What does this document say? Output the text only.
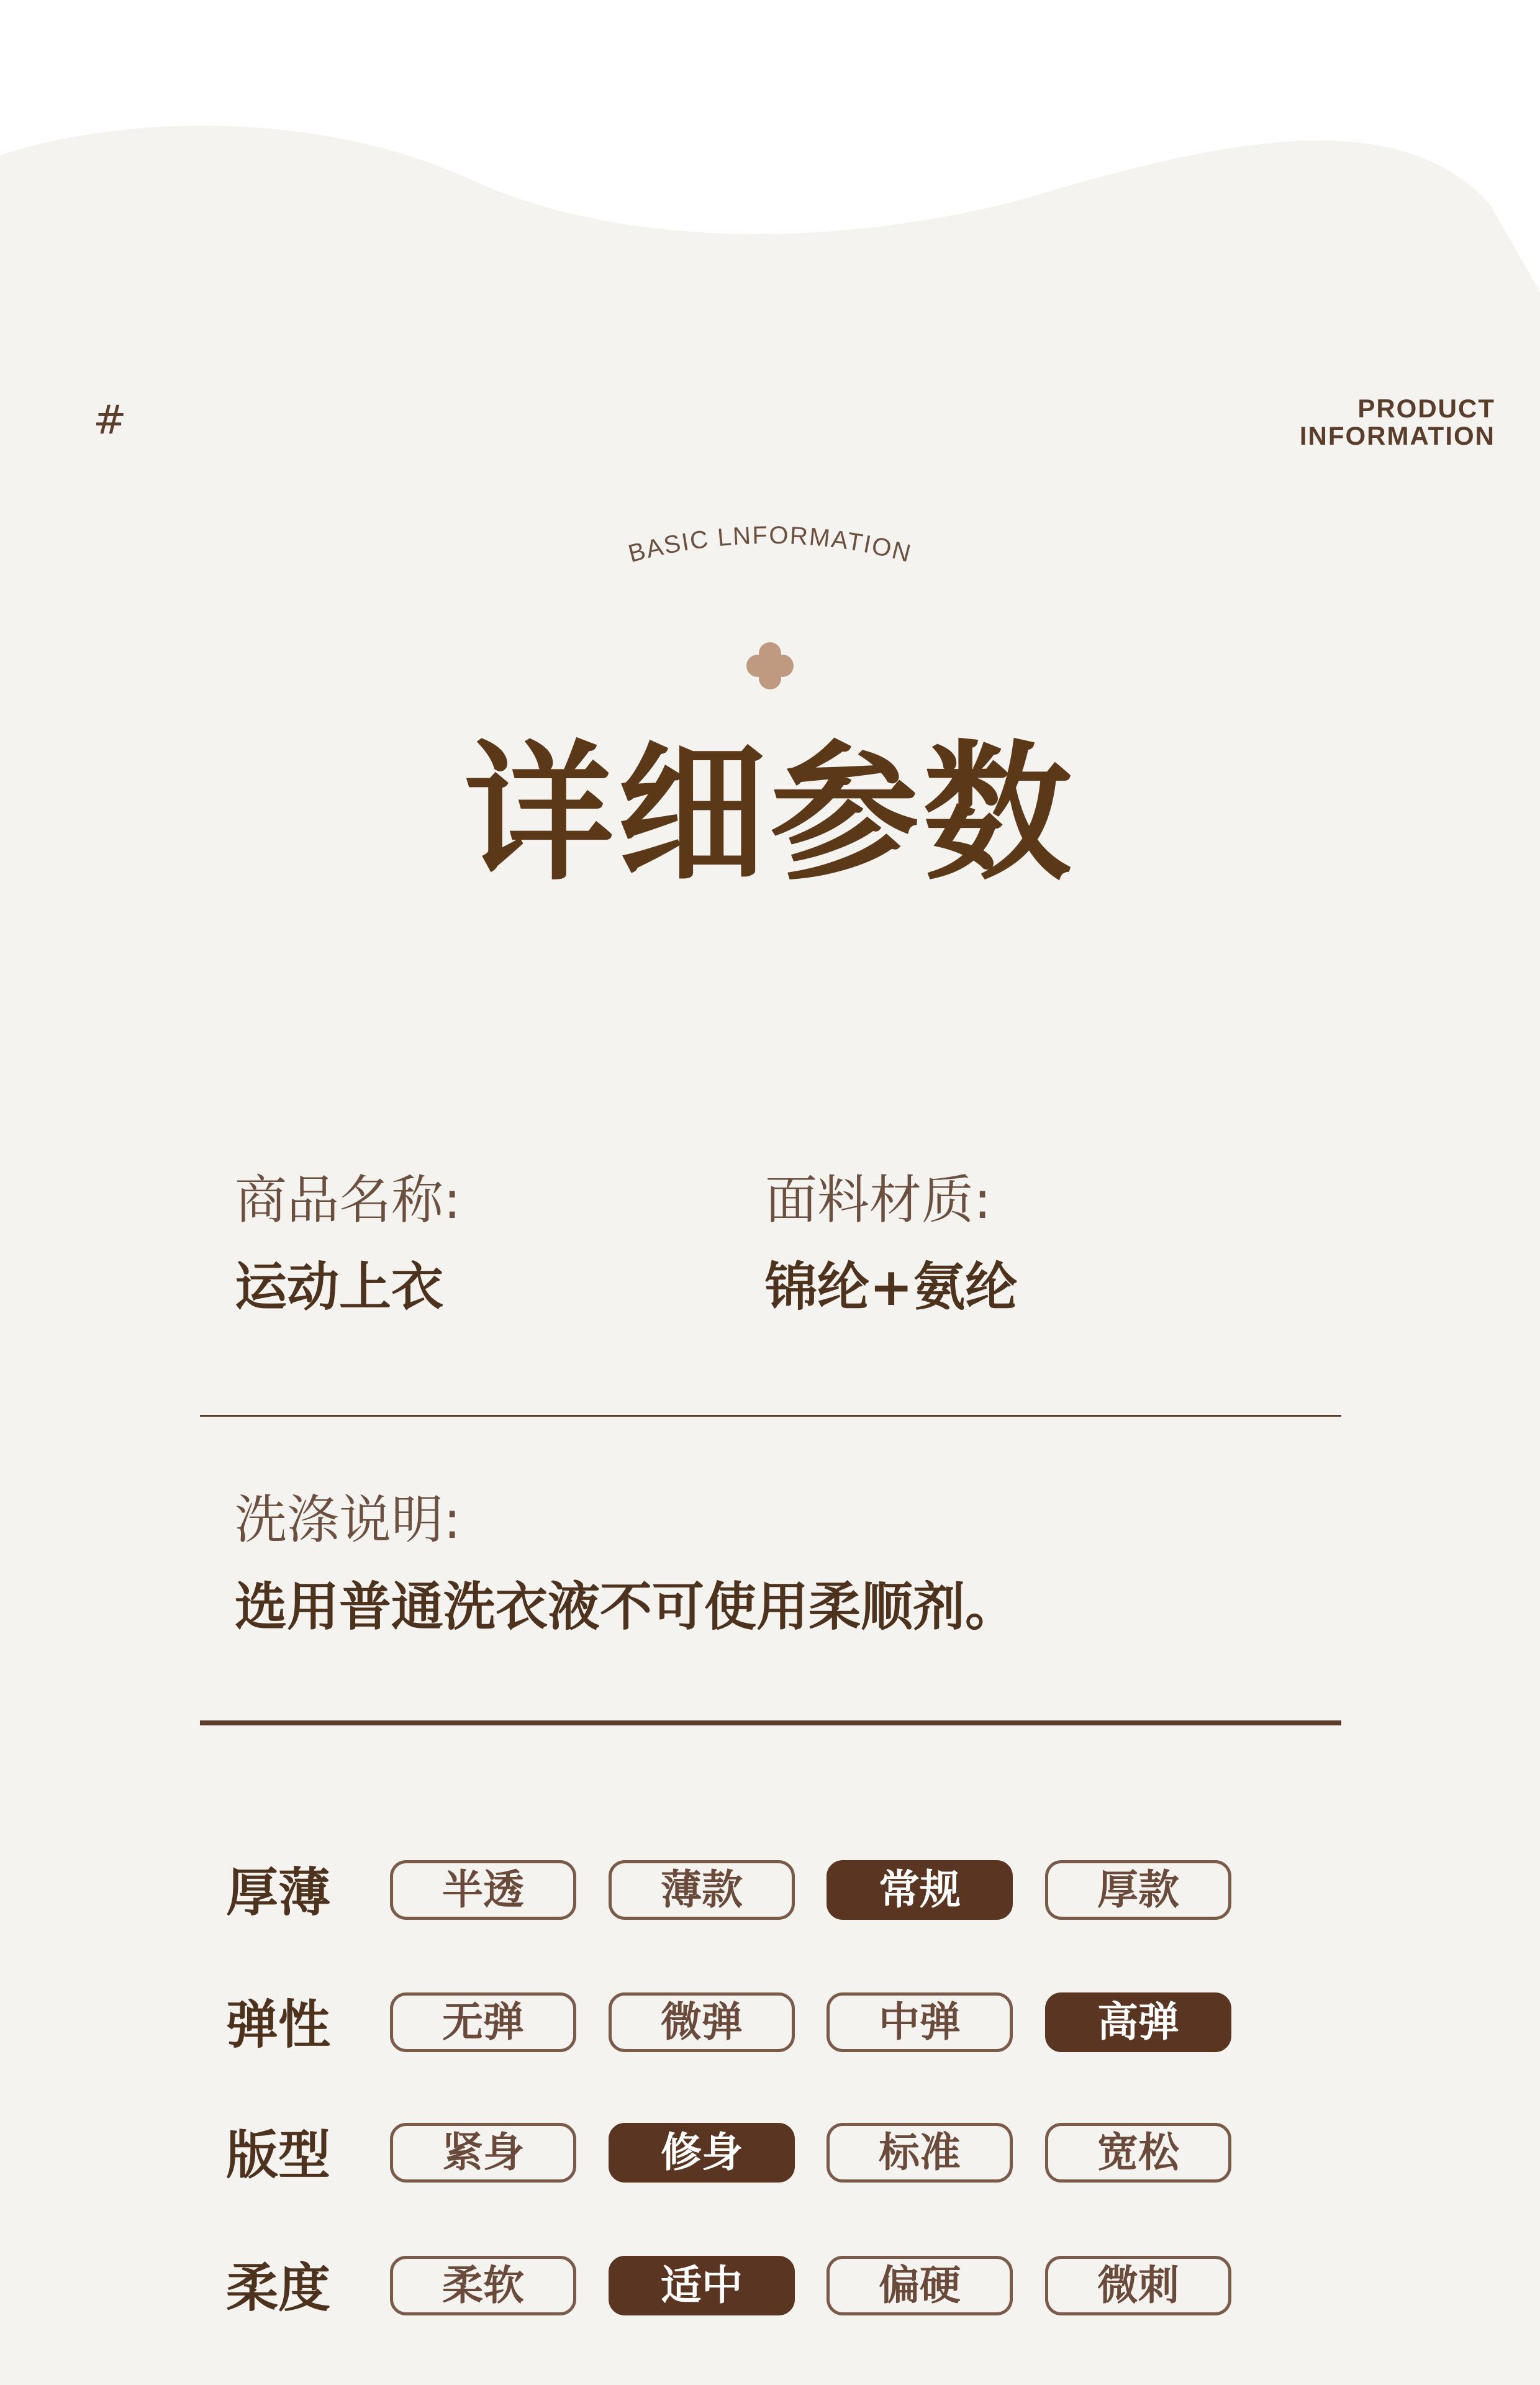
#	PRODUCT
INFORMATION
BASIC LNFORMATION
详细参数
商品名称:
运动上衣
面料材质:
锦纶+氨纶
洗涤说明:
选用普通洗衣液不可使用柔顺剂。
厚薄	半透	薄款	常规	厚款
弹性	无弹	微弹	中弹	高弹
版型	紧身	修身	标准	宽松
柔度	柔软	适中	偏硬	微刺
